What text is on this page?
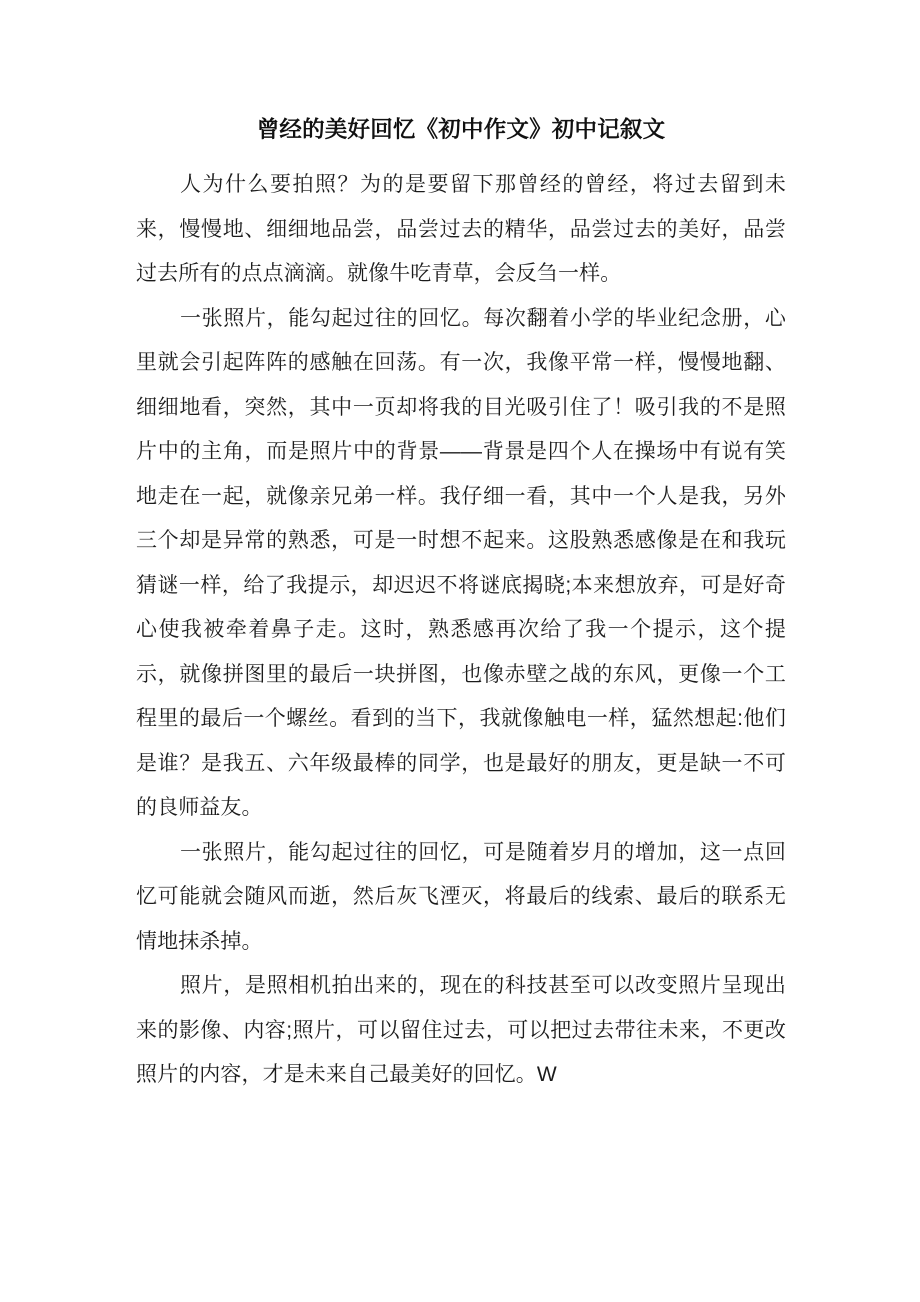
曾经的美好回忆《初中作文》初中记叙文

人为什么要拍照？为的是要留下那曾经的曾经，将过去留到未来，慢慢地、细细地品尝，品尝过去的精华，品尝过去的美好，品尝过去所有的点点滴滴。就像牛吃青草，会反刍一样。

一张照片，能勾起过往的回忆。每次翻着小学的毕业纪念册，心里就会引起阵阵的感触在回荡。有一次，我像平常一样，慢慢地翻、细细地看，突然，其中一页却将我的目光吸引住了！吸引我的不是照片中的主角，而是照片中的背景——背景是四个人在操场中有说有笑地走在一起，就像亲兄弟一样。我仔细一看，其中一个人是我，另外三个却是异常的熟悉，可是一时想不起来。这股熟悉感像是在和我玩猜谜一样，给了我提示，却迟迟不将谜底揭晓;本来想放弃，可是好奇心使我被牵着鼻子走。这时，熟悉感再次给了我一个提示，这个提示，就像拼图里的最后一块拼图，也像赤壁之战的东风，更像一个工程里的最后一个螺丝。看到的当下，我就像触电一样，猛然想起:他们是谁？是我五、六年级最棒的同学，也是最好的朋友，更是缺一不可的良师益友。

一张照片，能勾起过往的回忆，可是随着岁月的增加，这一点回忆可能就会随风而逝，然后灰飞湮灭，将最后的线索、最后的联系无情地抹杀掉。

照片，是照相机拍出来的，现在的科技甚至可以改变照片呈现出来的影像、内容;照片，可以留住过去，可以把过去带往未来，不更改照片的内容，才是未来自己最美好的回忆。W
